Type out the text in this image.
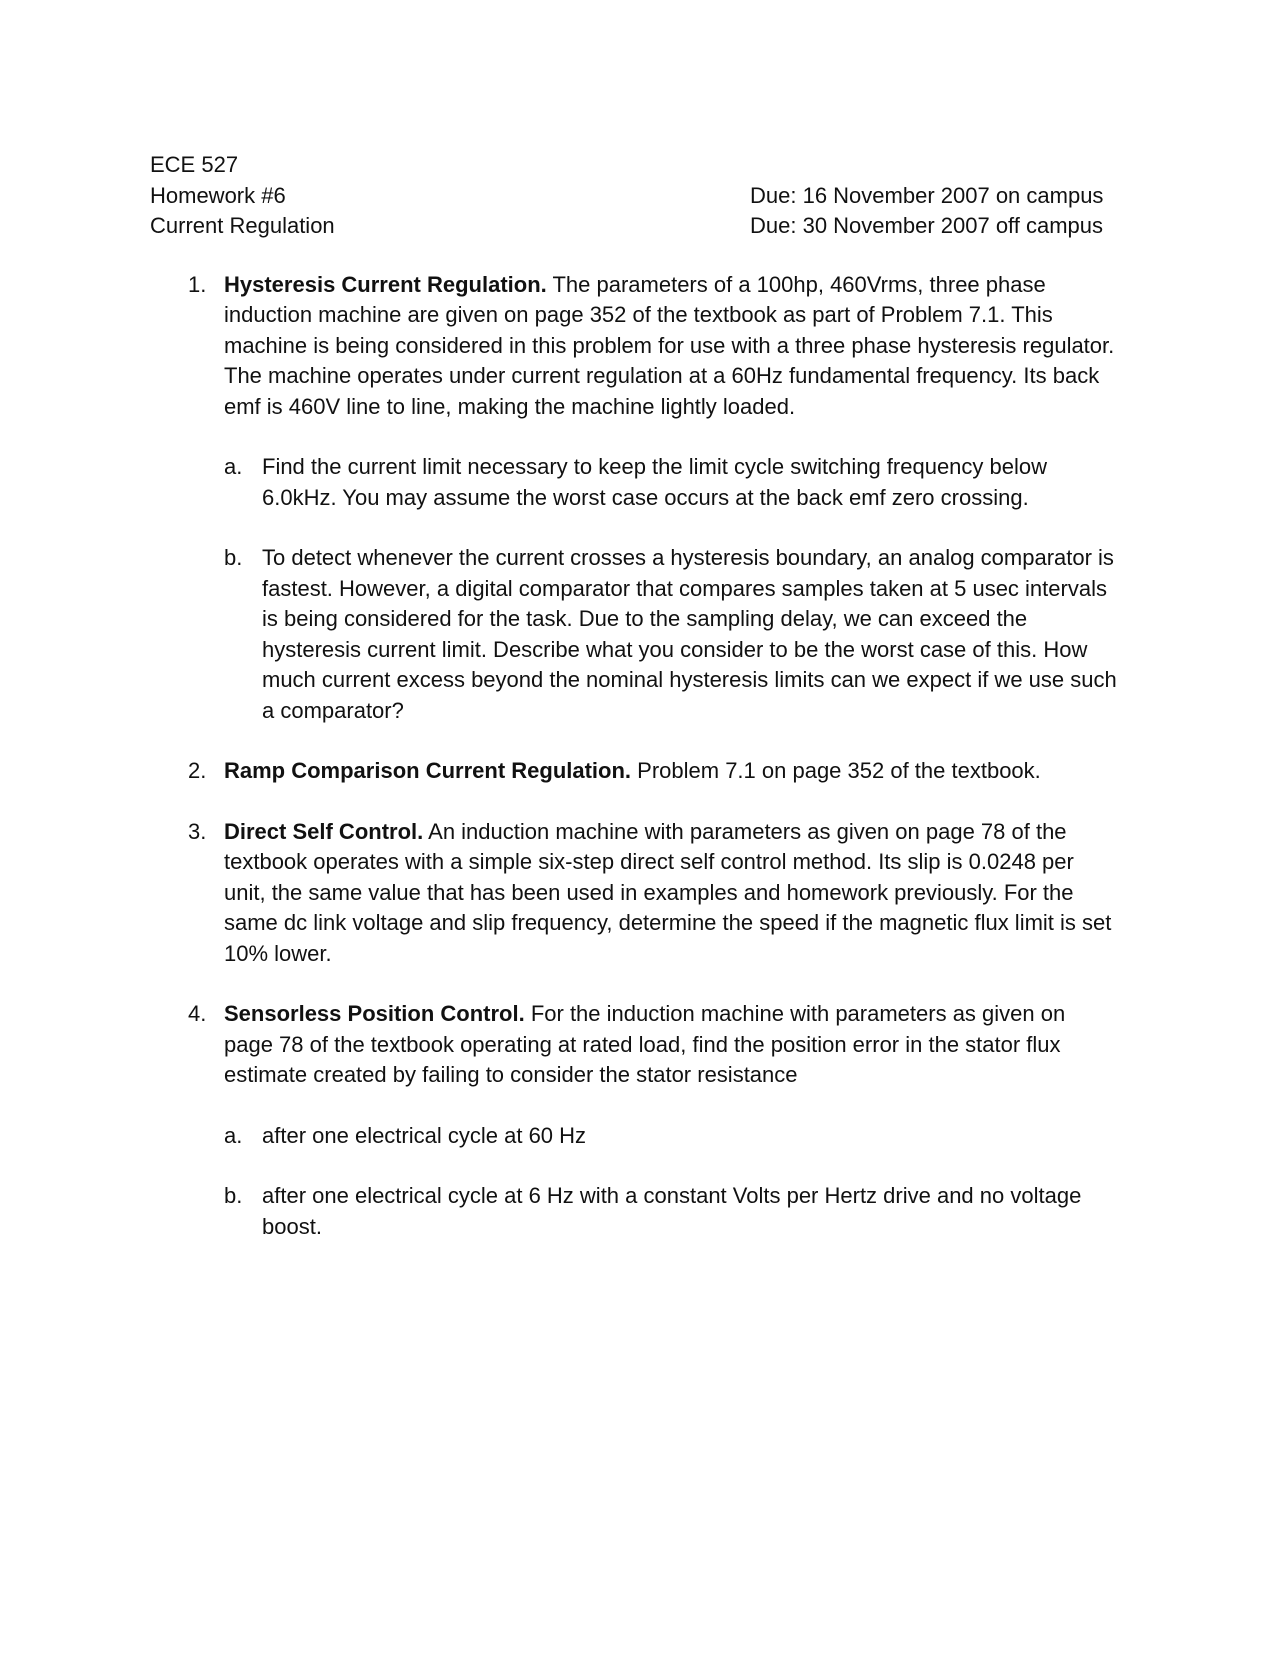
ECE 527
Homework #6	Due: 16 November 2007 on campus
Current Regulation	Due: 30 November 2007 off campus
1. Hysteresis Current Regulation. The parameters of a 100hp, 460Vrms, three phase induction machine are given on page 352 of the textbook as part of Problem 7.1. This machine is being considered in this problem for use with a three phase hysteresis regulator. The machine operates under current regulation at a 60Hz fundamental frequency. Its back emf is 460V line to line, making the machine lightly loaded.
a. Find the current limit necessary to keep the limit cycle switching frequency below 6.0kHz. You may assume the worst case occurs at the back emf zero crossing.
b. To detect whenever the current crosses a hysteresis boundary, an analog comparator is fastest. However, a digital comparator that compares samples taken at 5 usec intervals is being considered for the task. Due to the sampling delay, we can exceed the hysteresis current limit. Describe what you consider to be the worst case of this. How much current excess beyond the nominal hysteresis limits can we expect if we use such a comparator?
2. Ramp Comparison Current Regulation. Problem 7.1 on page 352 of the textbook.
3. Direct Self Control. An induction machine with parameters as given on page 78 of the textbook operates with a simple six-step direct self control method. Its slip is 0.0248 per unit, the same value that has been used in examples and homework previously. For the same dc link voltage and slip frequency, determine the speed if the magnetic flux limit is set 10% lower.
4. Sensorless Position Control. For the induction machine with parameters as given on page 78 of the textbook operating at rated load, find the position error in the stator flux estimate created by failing to consider the stator resistance
a. after one electrical cycle at 60 Hz
b. after one electrical cycle at 6 Hz with a constant Volts per Hertz drive and no voltage boost.
